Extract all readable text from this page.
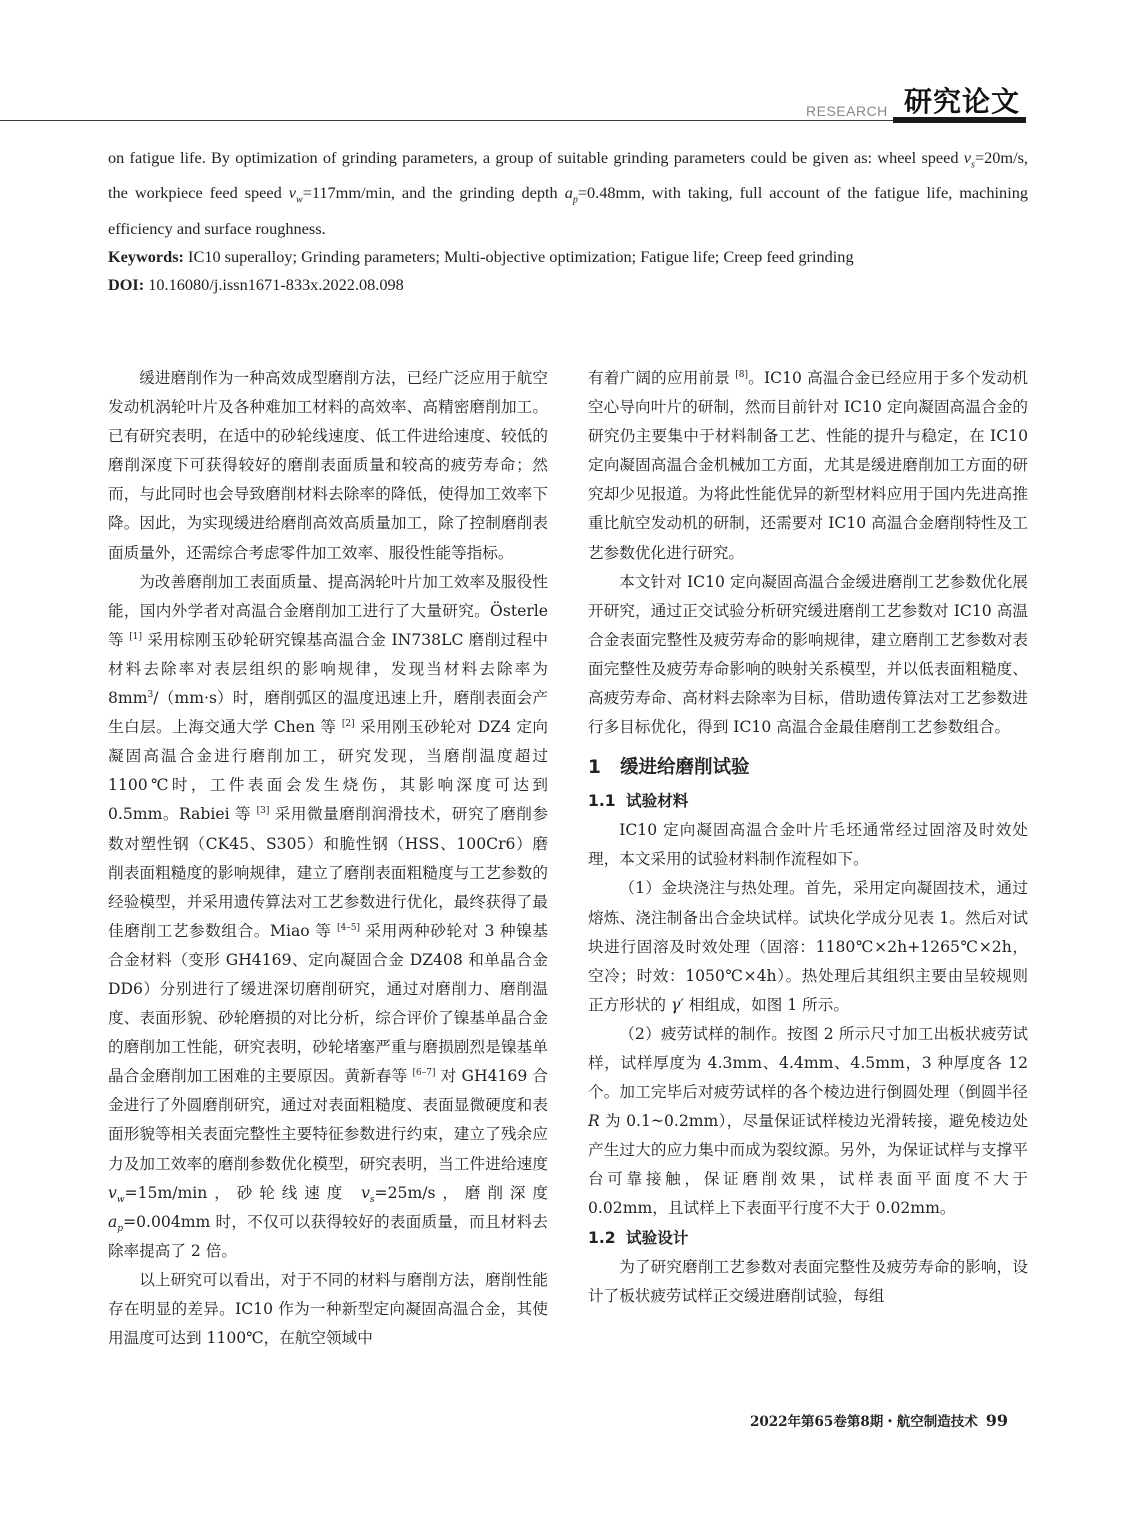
RESEARCH 研究论文

on fatigue life. By optimization of grinding parameters, a group of suitable grinding parameters could be given as: wheel speed $v_s=20m/s$, the workpiece feed speed $v_w=117mm/\min$, and the grinding depth $a_p=0.48mm$, with taking, full account of the fatigue life, machining efficiency and surface roughness.

Keywords: IC10 superalloy; Grinding parameters; Multi-objective optimization; Fatigue life; Creep feed grinding

DOI: 10.16080/j.issn1671-833x.2022.08.098

缓进磨削作为一种高效成型磨削方法，已经广泛应用于航空发动机涡轮叶片及各种难加工材料的高效率、高精密磨削加工。已有研究表明，在适中的砂轮线速度、低工件进给速度、较低的磨削深度下可获得较好的磨削表面质量和较高的疲劳寿命；然而，与此同时也会导致磨削材料去除率的降低，使得加工效率下降。因此，为实现缓进给磨削高效高质量加工，除了控制磨削表面质量外，还需综合考虑零件加工效率、服役性能等指标。

为改善磨削加工表面质量、提高涡轮叶片加工效率及服役性能，国内外学者对高温合金磨削加工进行了大量研究。Österle 等 [1] 采用棕刚玉砂轮研究镍基高温合金 IN738LC 磨削过程中材料去除率对表层组织的影响规律，发现当材料去除率为 $8mm^3/(mm\cdot s)$时，磨削弧区的温度迅速上升，磨削表面会产生白层。上海交通大学 Chen 等 [2] 采用刚玉砂轮对 DZ4 定向凝固高温合金进行磨削加工，研究发现，当磨削温度超过 1100℃时，工件表面会发生烧伤，其影响深度可达到 0.5mm。Rabiei 等 [3] 采用微量磨削润滑技术，研究了磨削参数对塑性钢（CK45、S305）和脆性钢（HSS、100Cr6）磨削表面粗糙度的影响规律，建立了磨削表面粗糙度与工艺参数的经验模型，并采用遗传算法对工艺参数进行优化，最终获得了最佳磨削工艺参数组合。Miao 等 [4–5] 采用两种砂轮对 3 种镍基合金材料（变形 GH4169、定向凝固合金 DZ408 和单晶合金 DD6）分别进行了缓进深切磨削研究，通过对磨削力、磨削温度、表面形貌、砂轮磨损的对比分析，综合评价了镍基单晶合金的磨削加工性能，研究表明，砂轮堵塞严重与磨损剧烈是镍基单晶合金磨削加工困难的主要原因。黄新春等 [6–7] 对 GH4169 合金进行了外圆磨削研究，通过对表面粗糙度、表面显微硬度和表面形貌等相关表面完整性主要特征参数进行约束，建立了残余应力及加工效率的磨削参数优化模型，研究表明，当工件进给速度 $v_w=15m/\min$，砂轮线速度 $v_s=25m/s$，磨削深度 $a_p=0.004mm$ 时，不仅可以获得较好的表面质量，而且材料去除率提高了 2 倍。

以上研究可以看出，对于不同的材料与磨削方法，磨削性能存在明显的差异。IC10 作为一种新型定向凝固高温合金，其使用温度可达到 1100℃，在航空领域中

有着广阔的应用前景 [8]。IC10 高温合金已经应用于多个发动机空心导向叶片的研制，然而目前针对 IC10 定向凝固高温合金的研究仍主要集中于材料制备工艺、性能的提升与稳定，在 IC10 定向凝固高温合金机械加工方面，尤其是缓进磨削加工方面的研究却少见报道。为将此性能优异的新型材料应用于国内先进高推重比航空发动机的研制，还需要对 IC10 高温合金磨削特性及工艺参数优化进行研究。

本文针对 IC10 定向凝固高温合金缓进磨削工艺参数优化展开研究，通过正交试验分析研究缓进磨削工艺参数对 IC10 高温合金表面完整性及疲劳寿命的影响规律，建立磨削工艺参数对表面完整性及疲劳寿命影响的映射关系模型，并以低表面粗糙度、高疲劳寿命、高材料去除率为目标，借助遗传算法对工艺参数进行多目标优化，得到 IC10 高温合金最佳磨削工艺参数组合。

1 缓进给磨削试验
1.1 试验材料

IC10 定向凝固高温合金叶片毛坯通常经过固溶及时效处理，本文采用的试验材料制作流程如下。

（1）金块浇注与热处理。首先，采用定向凝固技术，通过熔炼、浇注制备出合金块试样。试块化学成分见表 1。然后对试块进行固溶及时效处理（固溶：1180℃×2h+1265℃×2h，空冷；时效：1050℃×4h）。热处理后其组织主要由呈较规则正方形状的 γ′ 相组成，如图 1 所示。

（2）疲劳试样的制作。按图 2 所示尺寸加工出板状疲劳试样，试样厚度为 4.3mm、4.4mm、4.5mm，3 种厚度各 12 个。加工完毕后对疲劳试样的各个棱边进行倒圆处理（倒圆半径 R 为 0.1~0.2mm），尽量保证试样棱边光滑转接，避免棱边处产生过大的应力集中而成为裂纹源。另外，为保证试样与支撑平台可靠接触，保证磨削效果，试样表面平面度不大于 0.02mm，且试样上下表面平行度不大于 0.02mm。

1.2 试验设计

为了研究磨削工艺参数对表面完整性及疲劳寿命的影响，设计了板状疲劳试样正交缓进磨削试验，每组

2022年第65卷第8期・航空制造技术 99
